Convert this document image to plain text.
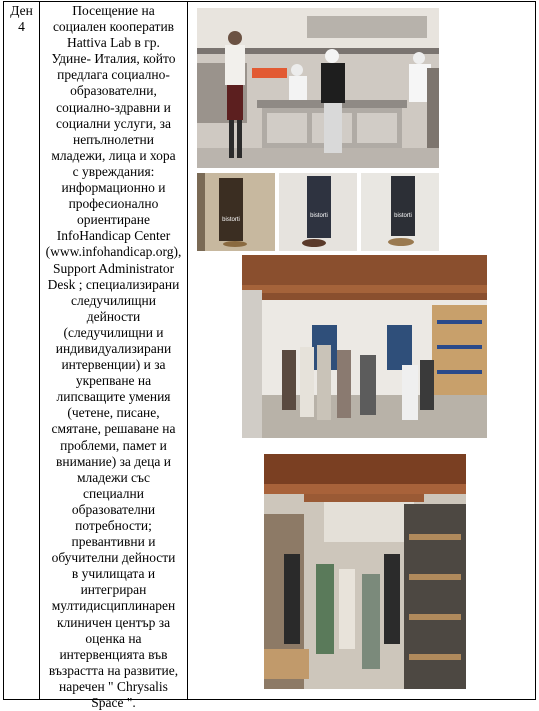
Ден
4
Посещение на
социален кооператив
Hattiva Lab в гр.
Удине- Италия, който
предлага социално-
образователни,
социално-здравни и
социални услуги, за
непълнолетни
младежи, лица и хора
с увреждания:
информационно и
професионално
ориентиране
InfoHandicap Center
(www.infohandicap.org),
Support Administrator
Desk ; специализирани
следучилищни
дейности
(следучилищни и
индивидуализирани
интервенции) и за
укрепване на
липсващите умения
(четене, писане,
смятане, решаване на
проблеми, памет и
внимание) за деца и
младежи със
специални
образователни
потребности;
превантивни и
обучителни дейности
в училищата и
интегриран
мултидисциплинарен
клиничен център за
оценка на
интервенцията във
възрастта на развитие,
наречен " Chrysalis
Space ".
bistorti
bistorti	bistorti
